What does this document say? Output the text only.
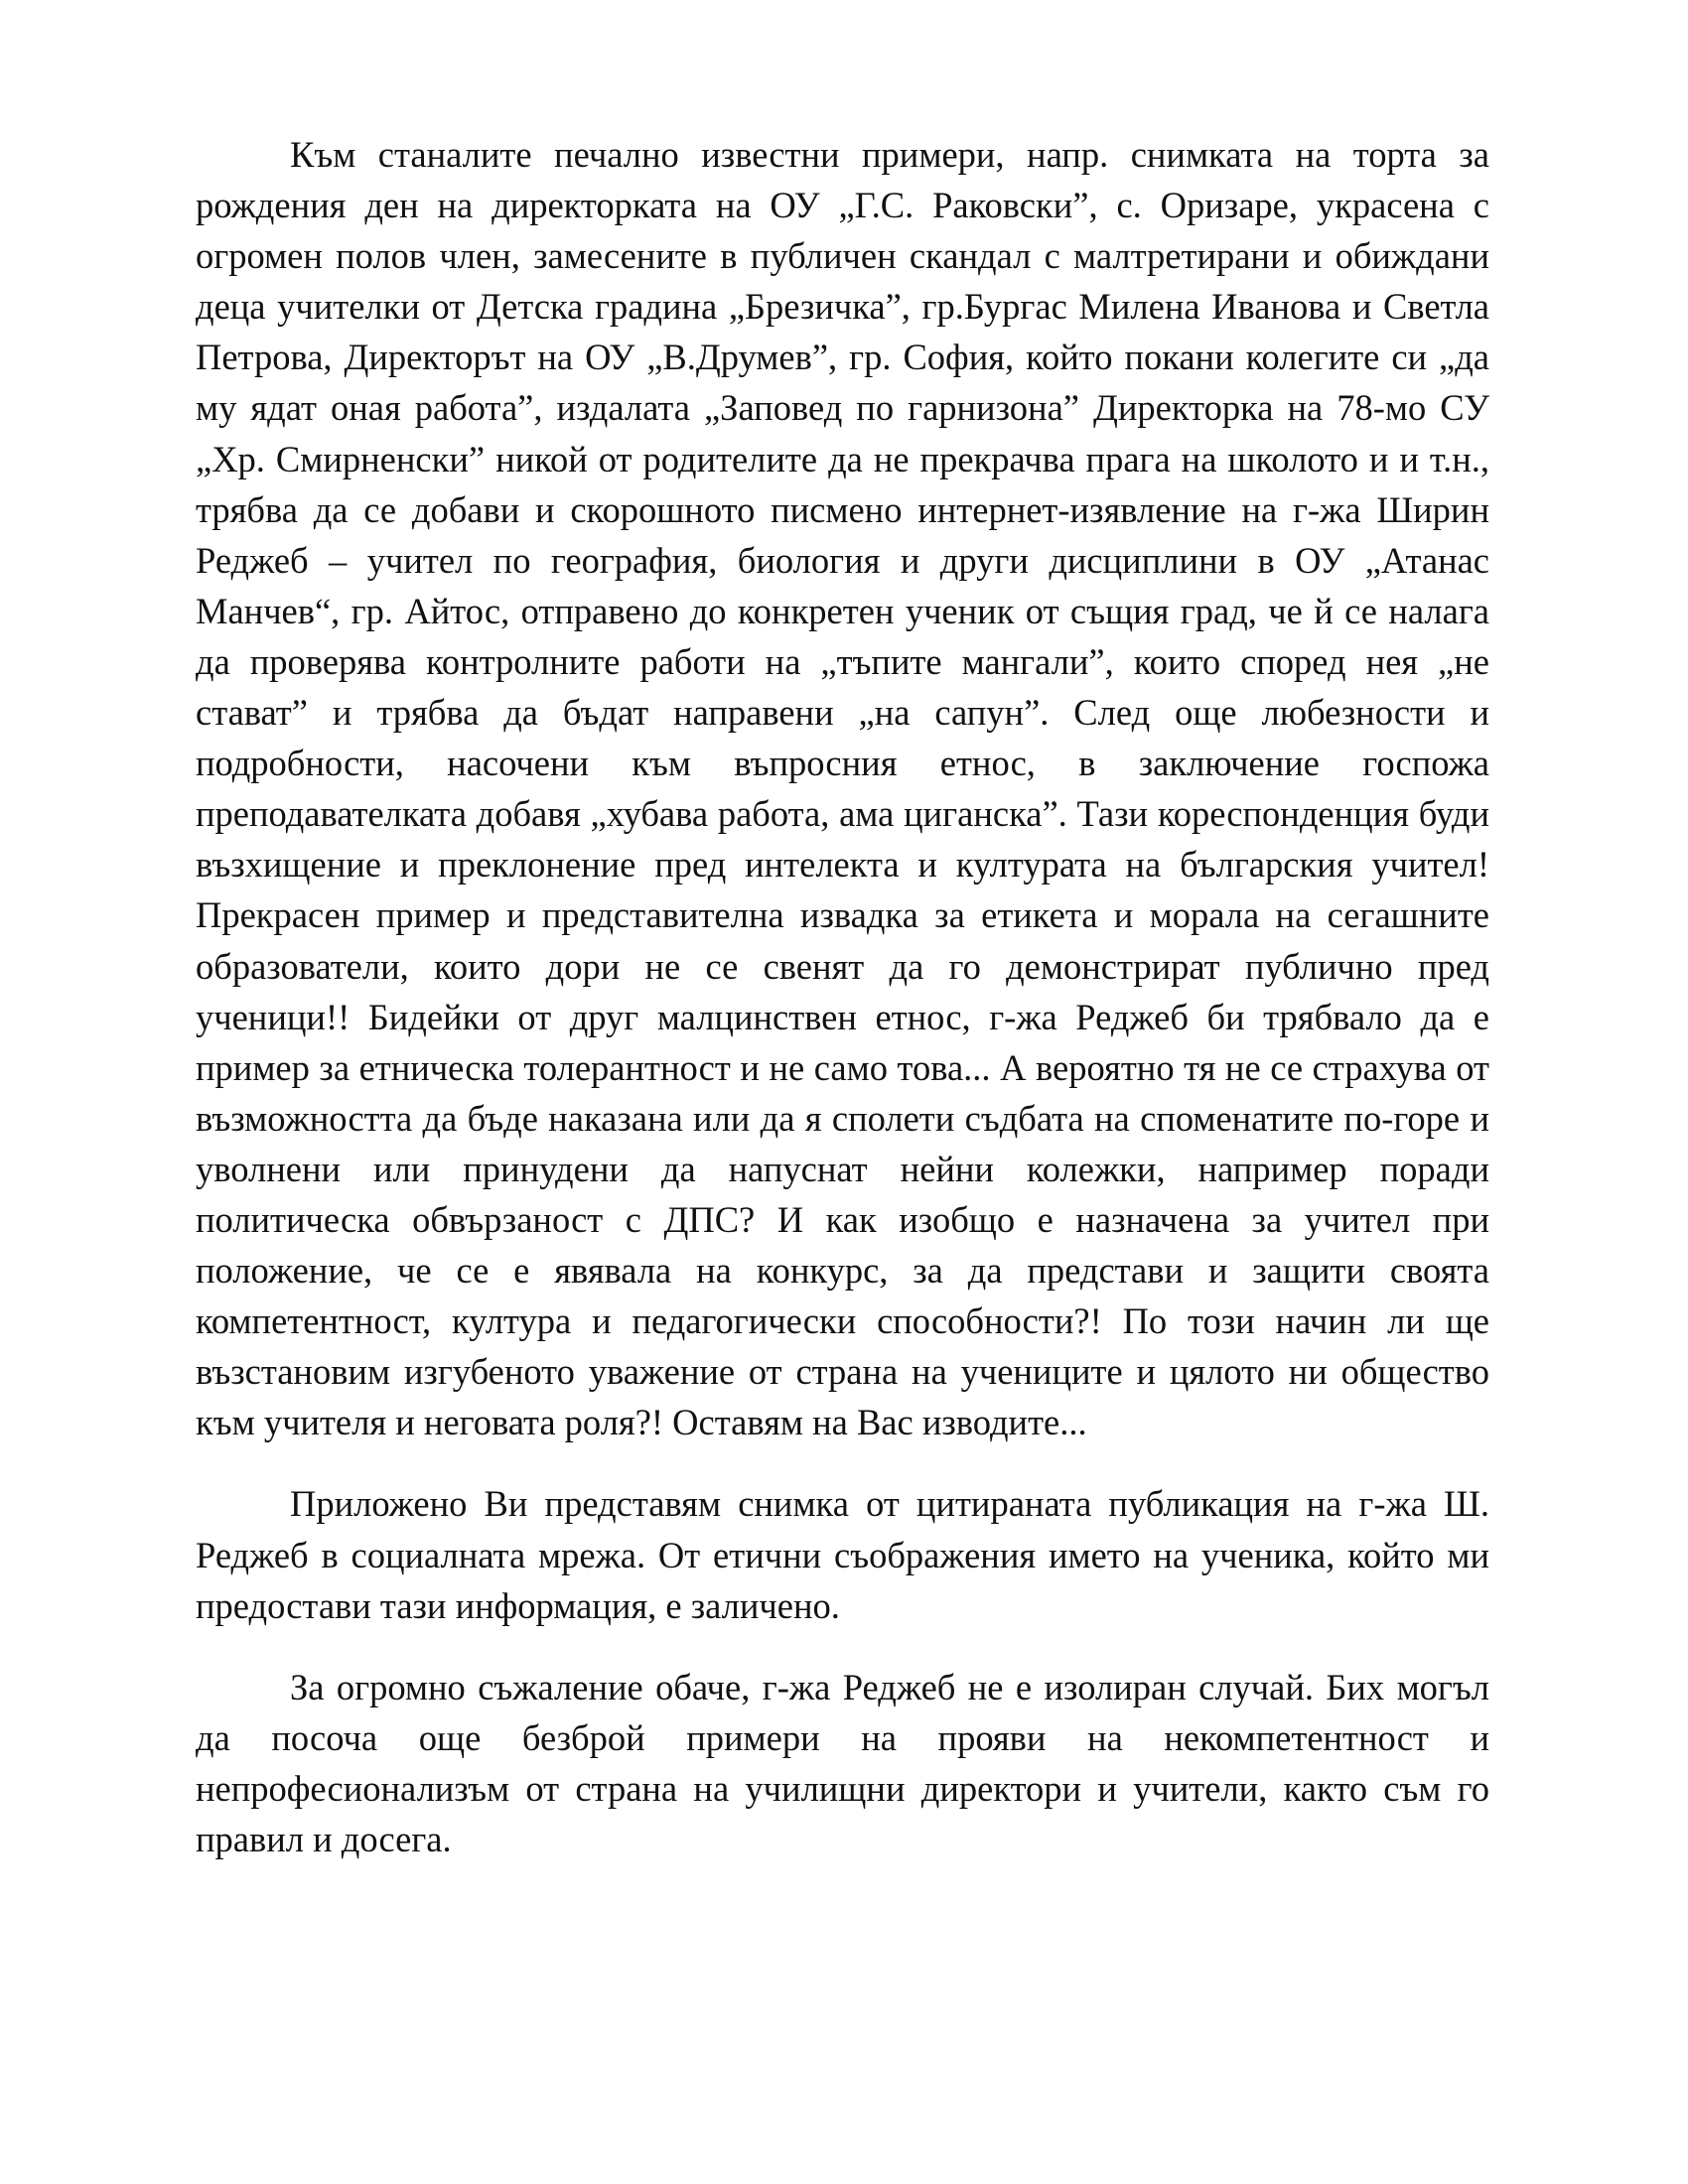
Към станалите печално известни примери, напр. снимката на торта за рождения ден на директорката на ОУ „Г.С. Раковски”, с. Оризаре, украсена с огромен полов член, замесените в публичен скандал с малтретирани и обиждани деца учителки от Детска градина „Брезичка”, гр.Бургас Милена Иванова и Светла Петрова, Директорът на ОУ „В.Друмев”, гр. София, който покани колегите си „да му ядат оная работа”, издалата „Заповед по гарнизона” Директорка на 78-мо СУ „Хр. Смирненски” никой от родителите да не прекрачва прага на школото и и т.н., трябва да се добави и скорошното писмено интернет-изявление на г-жа Ширин Реджеб – учител по география, биология и други дисциплини в ОУ „Атанас Манчев“, гр. Айтос, отправено до конкретен ученик от същия град, че й се налага да проверява контролните работи на „тъпите мангали”, които според нея „не стават” и трябва да бъдат направени „на сапун”. След още любезности и подробности, насочени към въпросния етнос, в заключение госпожа преподавателката добавя „хубава работа, ама циганска”. Тази кореспонденция буди възхищение и преклонение пред интелекта и културата на българския учител! Прекрасен пример и представителна извадка за етикета и морала на сегашните образователи, които дори не се свенят да го демонстрират публично пред ученици!! Бидейки от друг малцинствен етнос, г-жа Реджеб би трябвало да е пример за етническа толерантност и не само това... А вероятно тя не се страхува от възможността да бъде наказана или да я сполети съдбата на споменатите по-горе и уволнени или принудени да напуснат нейни колежки, например поради политическа обвързаност с ДПС? И как изобщо е назначена за учител при положение, че се е явявала на конкурс, за да представи и защити своята компетентност, култура и педагогически способности?! По този начин ли ще възстановим изгубеното уважение от страна на учениците и цялото ни общество към учителя и неговата роля?! Оставям на Вас изводите...

Приложено Ви представям снимка от цитираната публикация на г-жа Ш. Реджеб в социалната мрежа. От етични съображения името на ученика, който ми предостави тази информация, е заличено.

За огромно съжаление обаче, г-жа Реджеб не е изолиран случай. Бих могъл да посоча още безброй примери на прояви на некомпетентност и непрофесионализъм от страна на училищни директори и учители, както съм го правил и досега.
